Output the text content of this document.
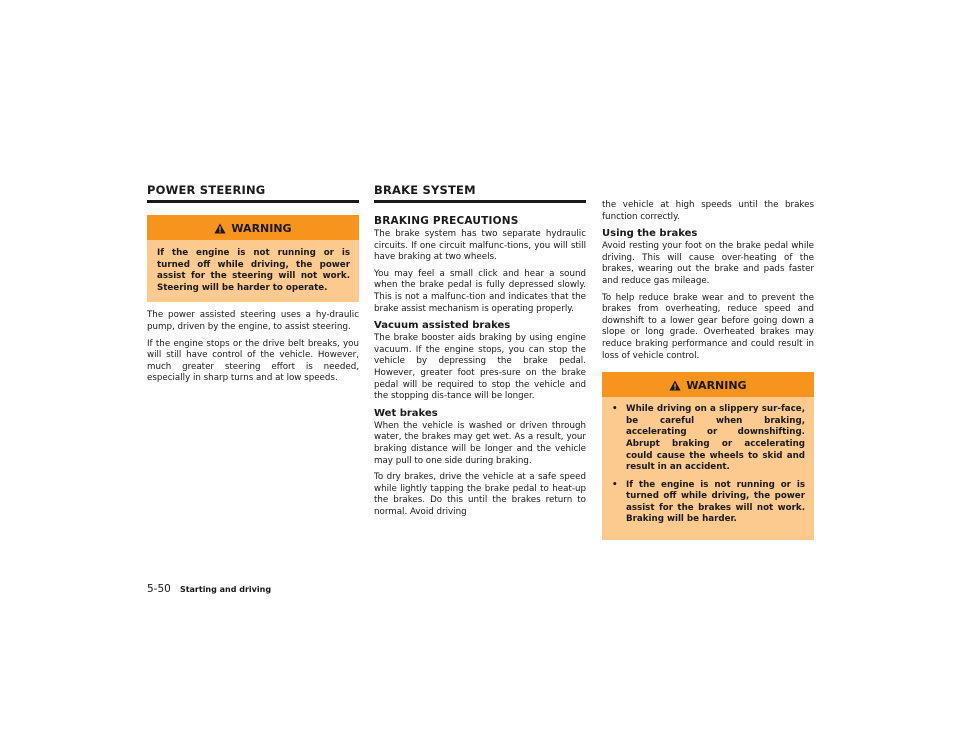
POWER STEERING
WARNING
If the engine is not running or is turned off while driving, the power assist for the steering will not work. Steering will be harder to operate.

The power assisted steering uses a hy-draulic pump, driven by the engine, to assist steering.

If the engine stops or the drive belt breaks, you will still have control of the vehicle. However, much greater steering effort is needed, especially in sharp turns and at low speeds.

BRAKE SYSTEM
BRAKING PRECAUTIONS

The brake system has two separate hydraulic circuits. If one circuit malfunc-tions, you will still have braking at two wheels.

You may feel a small click and hear a sound when the brake pedal is fully depressed slowly. This is not a malfunc-tion and indicates that the brake assist mechanism is operating properly.

Vacuum assisted brakes

The brake booster aids braking by using engine vacuum. If the engine stops, you can stop the vehicle by depressing the brake pedal. However, greater foot pres-sure on the brake pedal will be required to stop the vehicle and the stopping dis-tance will be longer.

Wet brakes

When the vehicle is washed or driven through water, the brakes may get wet. As a result, your braking distance will be longer and the vehicle may pull to one side during braking.

To dry brakes, drive the vehicle at a safe speed while lightly tapping the brake pedal to heat-up the brakes. Do this until the brakes return to normal. Avoid driving

the vehicle at high speeds until the brakes function correctly.

Using the brakes

Avoid resting your foot on the brake pedal while driving. This will cause over-heating of the brakes, wearing out the brake and pads faster and reduce gas mileage.

To help reduce brake wear and to prevent the brakes from overheating, reduce speed and downshift to a lower gear before going down a slope or long grade. Overheated brakes may reduce braking performance and could result in loss of vehicle control.

WARNING
• While driving on a slippery sur-face, be careful when braking, accelerating or downshifting. Abrupt braking or accelerating could cause the wheels to skid and result in an accident.
• If the engine is not running or is turned off while driving, the power assist for the brakes will not work. Braking will be harder.
5-50 Starting and driving
